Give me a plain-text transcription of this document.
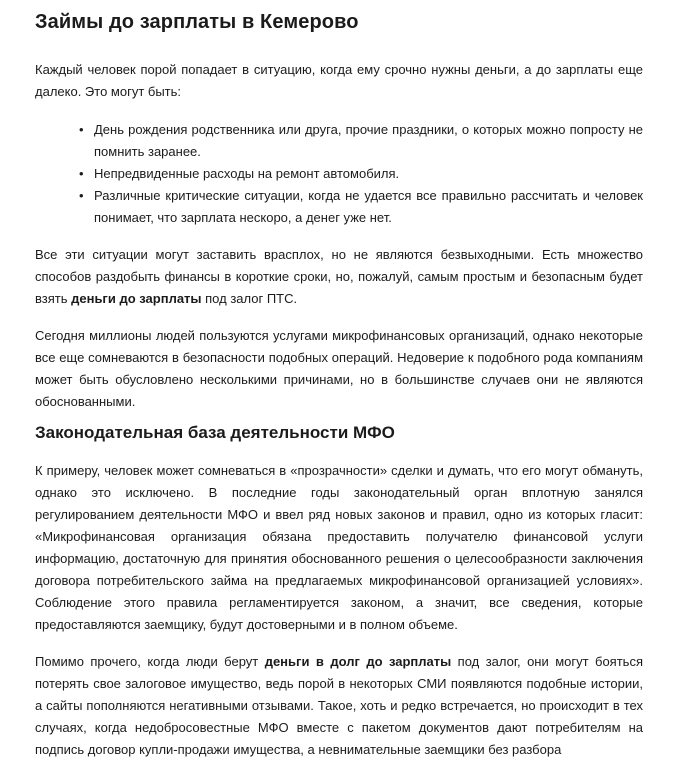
Займы до зарплаты в Кемерово

Каждый человек порой попадает в ситуацию, когда ему срочно нужны деньги, а до зарплаты еще далеко. Это могут быть:

• День рождения родственника или друга, прочие праздники, о которых можно попросту не помнить заранее.
• Непредвиденные расходы на ремонт автомобиля.
• Различные критические ситуации, когда не удается все правильно рассчитать и человек понимает, что зарплата нескоро, а денег уже нет.

Все эти ситуации могут заставить врасплох, но не являются безвыходными. Есть множество способов раздобыть финансы в короткие сроки, но, пожалуй, самым простым и безопасным будет взять деньги до зарплаты под залог ПТС.

Сегодня миллионы людей пользуются услугами микрофинансовых организаций, однако некоторые все еще сомневаются в безопасности подобных операций. Недоверие к подобного рода компаниям может быть обусловлено несколькими причинами, но в большинстве случаев они не являются обоснованными.

Законодательная база деятельности МФО

К примеру, человек может сомневаться в «прозрачности» сделки и думать, что его могут обмануть, однако это исключено. В последние годы законодательный орган вплотную занялся регулированием деятельности МФО и ввел ряд новых законов и правил, одно из которых гласит: «Микрофинансовая организация обязана предоставить получателю финансовой услуги информацию, достаточную для принятия обоснованного решения о целесообразности заключения договора потребительского займа на предлагаемых микрофинансовой организацией условиях». Соблюдение этого правила регламентируется законом, а значит, все сведения, которые предоставляются заемщику, будут достоверными и в полном объеме.

Помимо прочего, когда люди берут деньги в долг до зарплаты под залог, они могут бояться потерять свое залоговое имущество, ведь порой в некоторых СМИ появляются подобные истории, а сайты пополняются негативными отзывами. Такое, хоть и редко встречается, но происходит в тех случаях, когда недобросовестные МФО вместе с пакетом документов дают потребителям на подпись договор купли-продажи имущества, а невнимательные заемщики без разбора
